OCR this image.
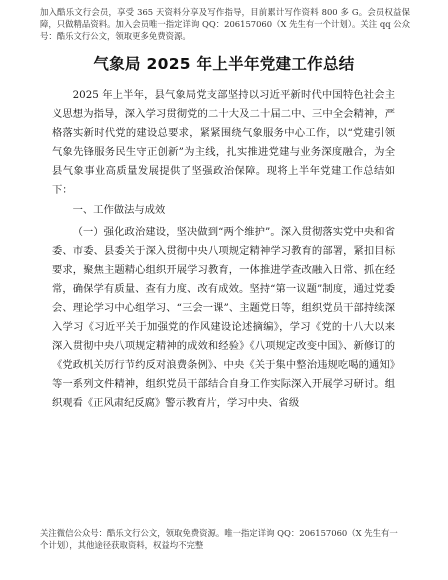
加入酷乐文行会员，享受 365 天资料分享及写作指导，目前累计写作资料 800 多 G。会员权益保障，只做精品资料。加入会员唯一指定详询 QQ：206157060（X 先生有一个计划）。关注 qq 公众号：酷乐文行公文，领取更多免费资源。
气象局 2025 年上半年党建工作总结

2025 年上半年，县气象局党支部坚持以习近平新时代中国特色社会主义思想为指导，深入学习贯彻党的二十大及二十届二中、三中全会精神，严格落实新时代党的建设总要求，紧紧围绕气象服务中心工作，以“党建引领气象先锋服务民生守正创新”为主线，扎实推进党建与业务深度融合，为全县气象事业高质量发展提供了坚强政治保障。现将上半年党建工作总结如下：

一、工作做法与成效

（一）强化政治建设，坚决做到“两个维护”。深入贯彻落实党中央和省委、市委、县委关于深入贯彻中央八项规定精神学习教育的部署，紧扣目标要求，聚焦主题精心组织开展学习教育，一体推进学查改融入日常、抓在经常，确保学有质量、查有力度、改有成效。坚持“第一议题”制度，通过党委会、理论学习中心组学习、“三会一课”、主题党日等，组织党员干部持续深入学习《习近平关于加强党的作风建设论述摘编》，学习《党的十八大以来深入贯彻中央八项规定精神的成效和经验》《八项规定改变中国》、新修订的《党政机关厉行节约反对浪费条例》、中央《关于集中整治违规吃喝的通知》等一系列文件精神，组织党员干部结合自身工作实际深入开展学习研讨。组织观看《正风肃纪反腐》警示教育片，学习中央、省级

关注微信公众号：酷乐文行公文，领取免费资源。唯一指定详询 QQ：206157060（X 先生有一个计划），其他途径获取资料，权益均不完整
